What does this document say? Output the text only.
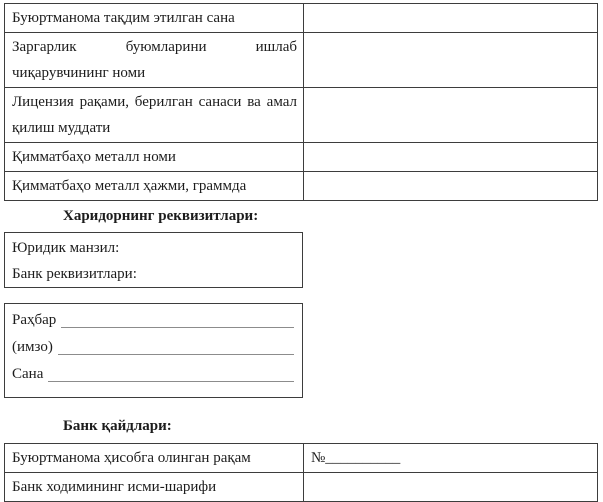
Буюртманома тақдим этилган сана	

Заргарлик буюмларини ишлаб
чиқарувчининг номи	

Лицензия рақами, берилган санаси ва амал
қилиш муддати	

Қимматбаҳо металл номи	

Қимматбаҳо металл ҳажми, граммда	

Харидорнинг реквизитлари:
Юридик манзил:
Банк реквизитлари:
Раҳбар
(имзо)
Сана
Банк қайдлари:
Буюртманома ҳисобга олинган рақам	№__________

Банк ходимининг исми-шарифи	
